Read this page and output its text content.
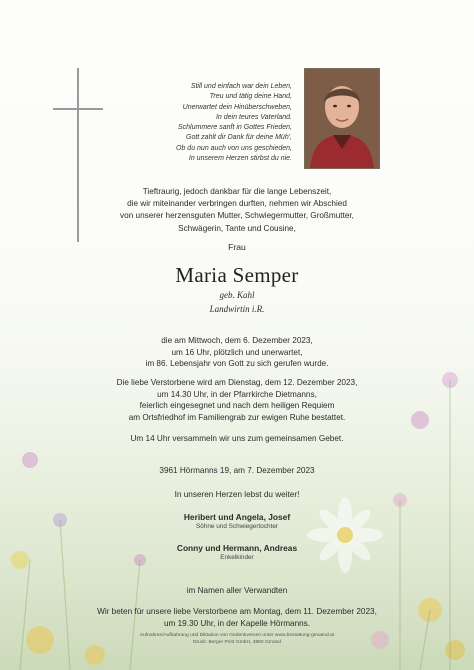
Still und einfach war dein Leben,
Treu und tätig deine Hand,
Unerwartet dein Hinüberschweben,
In dein teures Vaterland.
Schlummere sanft in Gottes Frieden,
Gott zahlt dir Dank für deine Müh',
Ob du nun auch von uns geschieden,
In unserem Herzen stirbst du nie.
Tieftraurig, jedoch dankbar für die lange Lebenszeit,
die wir miteinander verbringen durften, nehmen wir Abschied
von unserer herzensguten Mutter, Schwiegermutter, Großmutter,
Schwägerin, Tante und Cousine,
Frau
Maria Semper
geb. Kahl
Landwirtin i.R.
die am Mittwoch, dem 6. Dezember 2023,
um 16 Uhr, plötzlich und unerwartet,
im 86. Lebensjahr von Gott zu sich gerufen wurde.
Die liebe Verstorbene wird am Dienstag, dem 12. Dezember 2023,
um 14.30 Uhr, in der Pfarrkirche Dietmanns,
feierlich eingesegnet und nach dem heiligen Requiem
am Ortsfriedhof im Familiengrab zur ewigen Ruhe bestattet.
Um 14 Uhr versammeln wir uns zum gemeinsamen Gebet.
3961 Hörmanns 19, am 7. Dezember 2023
In unseren Herzen lebst du weiter!
Heribert und Angela, Josef
Söhne und Schwiegertochter
Conny und Hermann, Andreas
Enkelkinder
im Namen aller Verwandten
Wir beten für unsere liebe Verstorbene am Montag, dem 11. Dezember 2023,
um 19.30 Uhr, in der Kapelle Hörmanns.
Aufnahme/Aufbahrung und Diktation von Gedenkversen unter www.bestattung-gmuend.at
Druck: Berger Print GmbH, 3950 Gmünd
